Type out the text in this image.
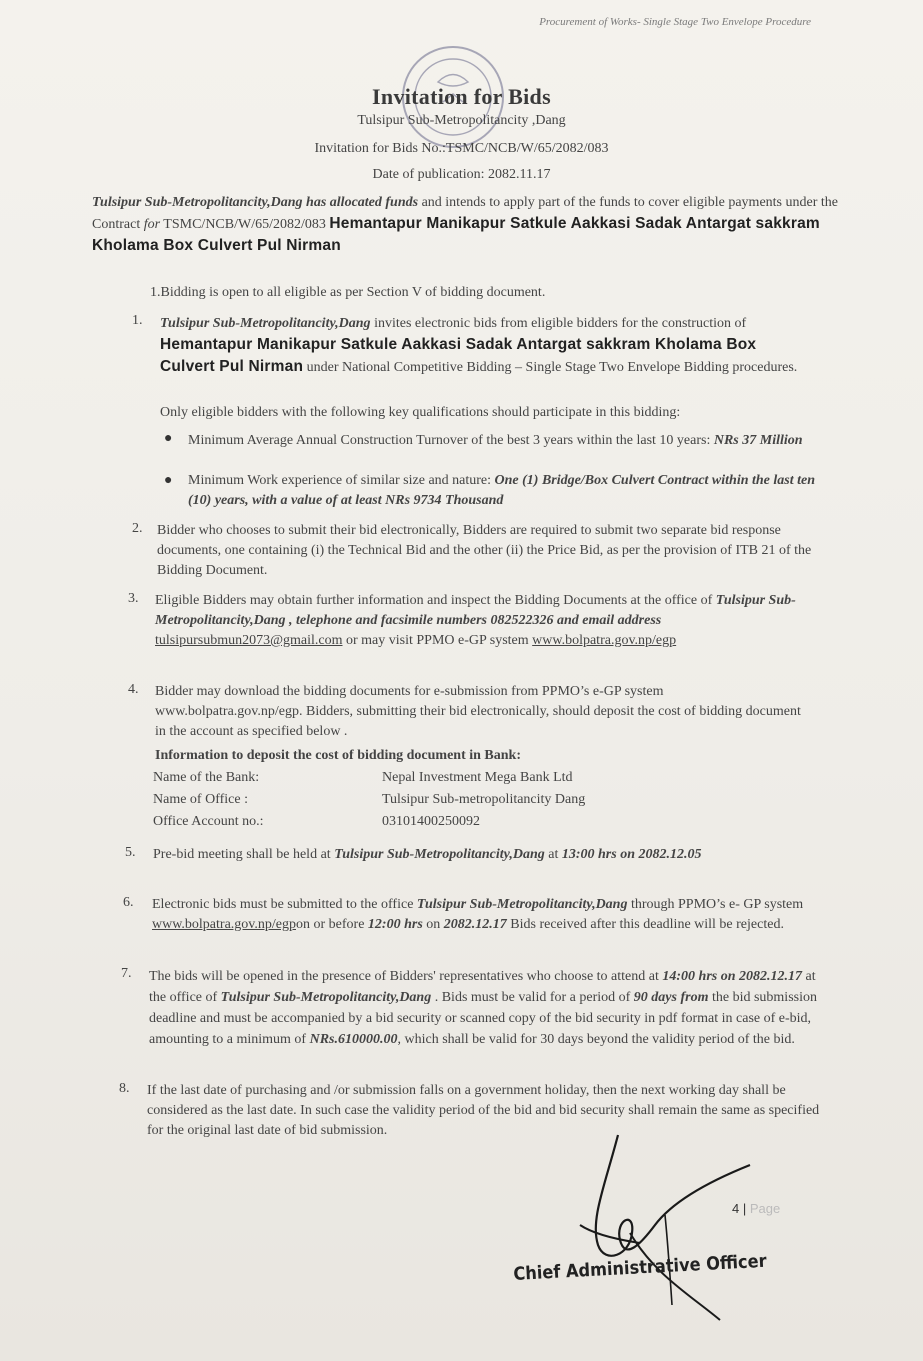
Procurement of Works- Single Stage Two Envelope Procedure
Invitation for Bids
Tulsipur Sub-Metropolitancity ,Dang
Invitation for Bids No.:TSMC/NCB/W/65/2082/083
Date of publication: 2082.11.17
Tulsipur Sub-Metropolitancity,Dang has allocated funds and intends to apply part of the funds to cover eligible payments under the Contract for TSMC/NCB/W/65/2082/083 Hemantapur Manikapur Satkule Aakkasi Sadak Antargat sakkram Kholama Box Culvert Pul Nirman
1.Bidding is open to all eligible as per Section V of bidding document.
1. Tulsipur Sub-Metropolitancity,Dang invites electronic bids from eligible bidders for the construction of Hemantapur Manikapur Satkule Aakkasi Sadak Antargat sakkram Kholama Box Culvert Pul Nirman under National Competitive Bidding – Single Stage Two Envelope Bidding procedures.
Only eligible bidders with the following key qualifications should participate in this bidding:
● Minimum Average Annual Construction Turnover of the best 3 years within the last 10 years: NRs 37 Million
● Minimum Work experience of similar size and nature: One (1) Bridge/Box Culvert Contract within the last ten (10) years, with a value of at least NRs 9734 Thousand
2. Bidder who chooses to submit their bid electronically, Bidders are required to submit two separate bid response documents, one containing (i) the Technical Bid and the other (ii) the Price Bid, as per the provision of ITB 21 of the Bidding Document.
3. Eligible Bidders may obtain further information and inspect the Bidding Documents at the office of Tulsipur Sub-Metropolitancity,Dang , telephone and facsimile numbers 082522326 and email address tulsipursubmun2073@gmail.com or may visit PPMO e-GP system www.bolpatra.gov.np/egp
4. Bidder may download the bidding documents for e-submission from PPMO’s e-GP system www.bolpatra.gov.np/egp. Bidders, submitting their bid electronically, should deposit the cost of bidding document in the account as specified below .
Information to deposit the cost of bidding document in Bank:
Name of the Bank:	Nepal Investment Mega Bank Ltd
Name of Office :	Tulsipur Sub-metropolitancity Dang
Office Account no.:	03101400250092
5. Pre-bid meeting shall be held at Tulsipur Sub-Metropolitancity,Dang at 13:00 hrs on 2082.12.05
6. Electronic bids must be submitted to the office Tulsipur Sub-Metropolitancity,Dang through PPMO’s e- GP system www.bolpatra.gov.np/egpon or before 12:00 hrs on 2082.12.17 Bids received after this deadline will be rejected.
7. The bids will be opened in the presence of Bidders' representatives who choose to attend at 14:00 hrs on 2082.12.17 at the office of Tulsipur Sub-Metropolitancity,Dang . Bids must be valid for a period of 90 days from the bid submission deadline and must be accompanied by a bid security or scanned copy of the bid security in pdf format in case of e-bid, amounting to a minimum of NRs.610000.00, which shall be valid for 30 days beyond the validity period of the bid.
8. If the last date of purchasing and /or submission falls on a government holiday, then the next working day shall be considered as the last date. In such case the validity period of the bid and bid security shall remain the same as specified for the original last date of bid submission.
4 | Page
Chief Administrative Officer
